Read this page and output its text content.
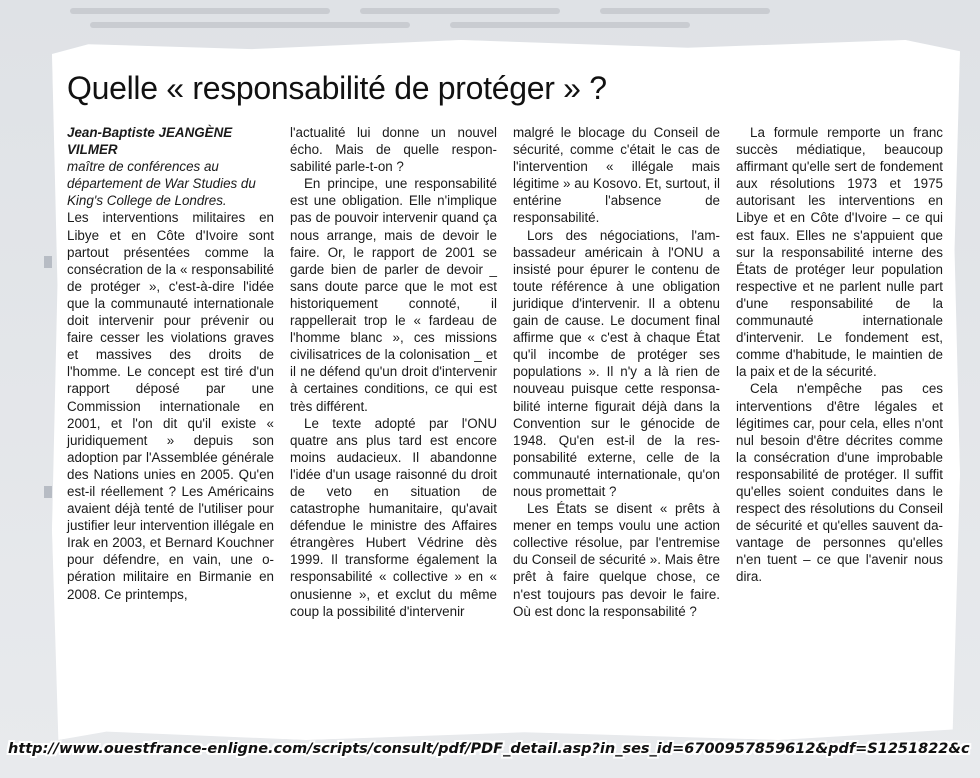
Quelle « responsabilité de protéger » ?

Jean-Baptiste JEANGÈNE VILMER

maître de conférences au département de War Studies du King's College de Londres.

Les interventions militaires en Libye et en Côte d'Ivoire sont partout présentées comme la consécration de la « responsabilité de protéger », c'est-à-dire l'idée que la communauté internationale doit intervenir pour prévenir ou faire cesser les violations graves et massives des droits de l'homme. Le concept est tiré d'un rapport déposé par une Commission internationale en 2001, et l'on dit qu'il existe « juridiquement » depuis son adoption par l'Assemblée générale des Nations unies en 2005. Qu'en est-il réellement ? Les Américains avaient déjà tenté de l'utiliser pour justifier leur intervention illégale en Irak en 2003, et Bernard Kouchner pour défendre, en vain, une opération militaire en Birmanie en 2008. Ce printemps,

l'actualité lui donne un nouvel écho. Mais de quelle responsabilité parle-t-on ?

En principe, une responsabilité est une obligation. Elle n'implique pas de pouvoir intervenir quand ça nous arrange, mais de devoir le faire. Or, le rapport de 2001 se garde bien de parler de devoir _ sans doute parce que le mot est historiquement connoté, il rappellerait trop le « fardeau de l'homme blanc », ces missions civilisatrices de la colonisation _ et il ne défend qu'un droit d'intervenir à certaines conditions, ce qui est très différent.

Le texte adopté par l'ONU quatre ans plus tard est encore moins audacieux. Il abandonne l'idée d'un usage raisonné du droit de veto en situation de catastrophe humanitaire, qu'avait défendue le ministre des Affaires étrangères Hubert Védrine dès 1999. Il transforme également la responsabilité « collective » en « onusienne », et exclut du même coup la possibilité d'intervenir

malgré le blocage du Conseil de sécurité, comme c'était le cas de l'intervention « illégale mais légitime » au Kosovo. Et, surtout, il entérine l'absence de responsabilité.

Lors des négociations, l'ambassadeur américain à l'ONU a insisté pour épurer le contenu de toute référence à une obligation juridique d'intervenir. Il a obtenu gain de cause. Le document final affirme que « c'est à chaque État qu'il incombe de protéger ses populations ». Il n'y a là rien de nouveau puisque cette responsabilité interne figurait déjà dans la Convention sur le génocide de 1948. Qu'en est-il de la responsabilité externe, celle de la communauté internationale, qu'on nous promettait ?

Les États se disent « prêts à mener en temps voulu une action collective résolue, par l'entremise du Conseil de sécurité ». Mais être prêt à faire quelque chose, ce n'est toujours pas devoir le faire. Où est donc la responsabilité ?

La formule remporte un franc succès médiatique, beaucoup affirmant qu'elle sert de fondement aux résolutions 1973 et 1975 autorisant les interventions en Libye et en Côte d'Ivoire – ce qui est faux. Elles ne s'appuient que sur la responsabilité interne des États de protéger leur population respective et ne parlent nulle part d'une responsabilité de la communauté internationale d'intervenir. Le fondement est, comme d'habitude, le maintien de la paix et de la sécurité.

Cela n'empêche pas ces interventions d'être légales et légitimes car, pour cela, elles n'ont nul besoin d'être décrites comme la consécration d'une improbable responsabilité de protéger. Il suffit qu'elles soient conduites dans le respect des résolutions du Conseil de sécurité et qu'elles sauvent davantage de personnes qu'elles n'en tuent – ce que l'avenir nous dira.

http://www.ouestfrance-enligne.com/scripts/consult/pdf/PDF_detail.asp?in_ses_id=6700957859612&pdf=S1251822&c
